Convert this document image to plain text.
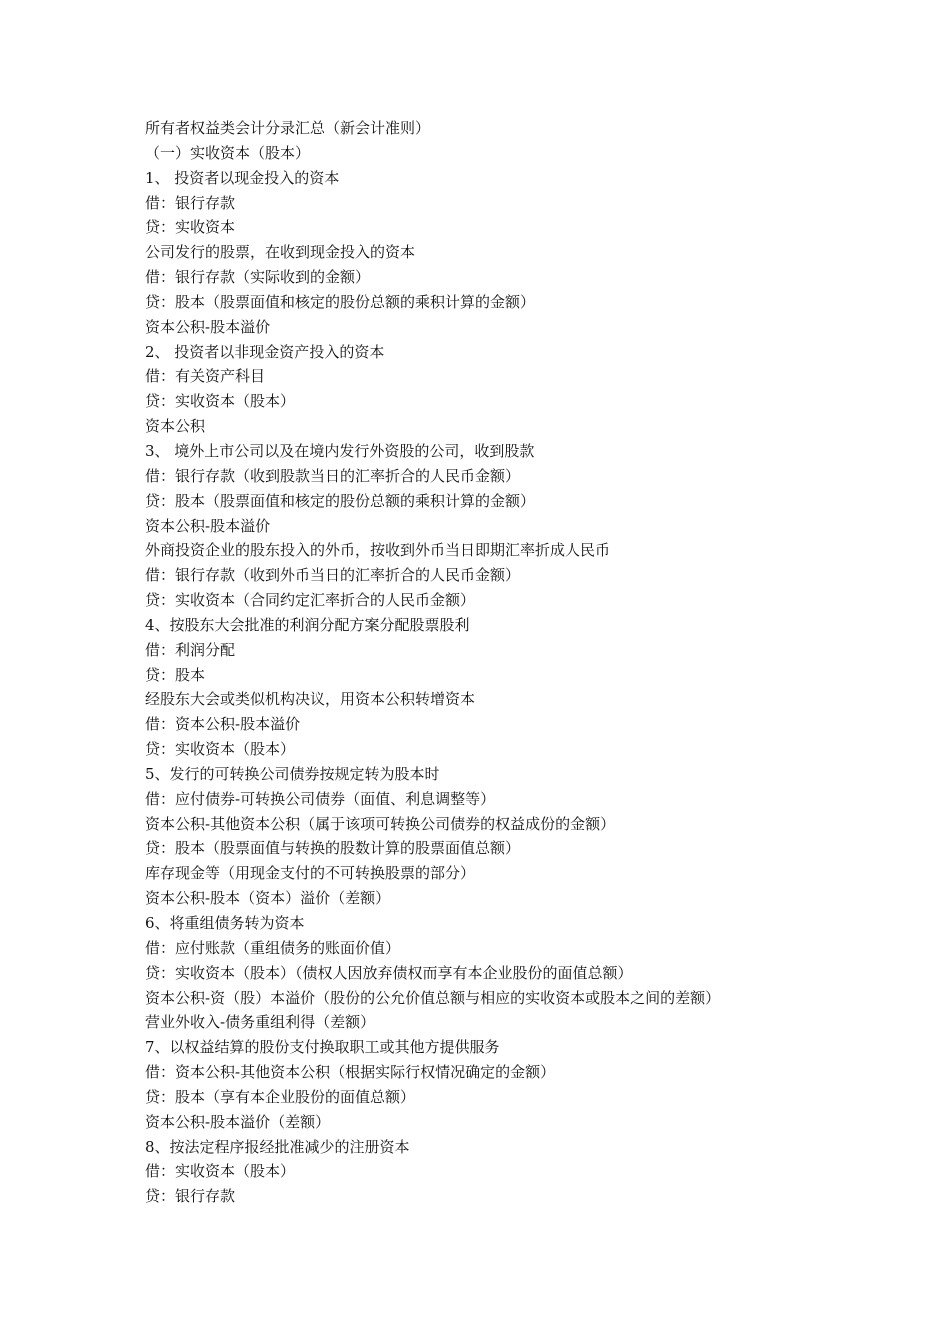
所有者权益类会计分录汇总（新会计准则）
（一）实收资本（股本）
1、 投资者以现金投入的资本
借：银行存款
贷：实收资本
公司发行的股票，在收到现金投入的资本
借：银行存款（实际收到的金额）
贷：股本（股票面值和核定的股份总额的乘积计算的金额）
资本公积-股本溢价
2、 投资者以非现金资产投入的资本
借：有关资产科目
贷：实收资本（股本）
资本公积
3、 境外上市公司以及在境内发行外资股的公司，收到股款
借：银行存款（收到股款当日的汇率折合的人民币金额）
贷：股本（股票面值和核定的股份总额的乘积计算的金额）
资本公积-股本溢价
外商投资企业的股东投入的外币，按收到外币当日即期汇率折成人民币
借：银行存款（收到外币当日的汇率折合的人民币金额）
贷：实收资本（合同约定汇率折合的人民币金额）
4、按股东大会批准的利润分配方案分配股票股利
借：利润分配
贷：股本
经股东大会或类似机构决议，用资本公积转增资本
借：资本公积-股本溢价
贷：实收资本（股本）
5、发行的可转换公司债券按规定转为股本时
借：应付债券-可转换公司债券（面值、利息调整等）
资本公积-其他资本公积（属于该项可转换公司债券的权益成份的金额）
贷：股本（股票面值与转换的股数计算的股票面值总额）
库存现金等（用现金支付的不可转换股票的部分）
资本公积-股本（资本）溢价（差额）
6、将重组债务转为资本
借：应付账款（重组债务的账面价值）
贷：实收资本（股本）（债权人因放弃债权而享有本企业股份的面值总额）
资本公积-资（股）本溢价（股份的公允价值总额与相应的实收资本或股本之间的差额）
营业外收入-债务重组利得（差额）
7、以权益结算的股份支付换取职工或其他方提供服务
借：资本公积-其他资本公积（根据实际行权情况确定的金额）
贷：股本（享有本企业股份的面值总额）
资本公积-股本溢价（差额）
8、按法定程序报经批准减少的注册资本
借：实收资本（股本）
贷：银行存款
